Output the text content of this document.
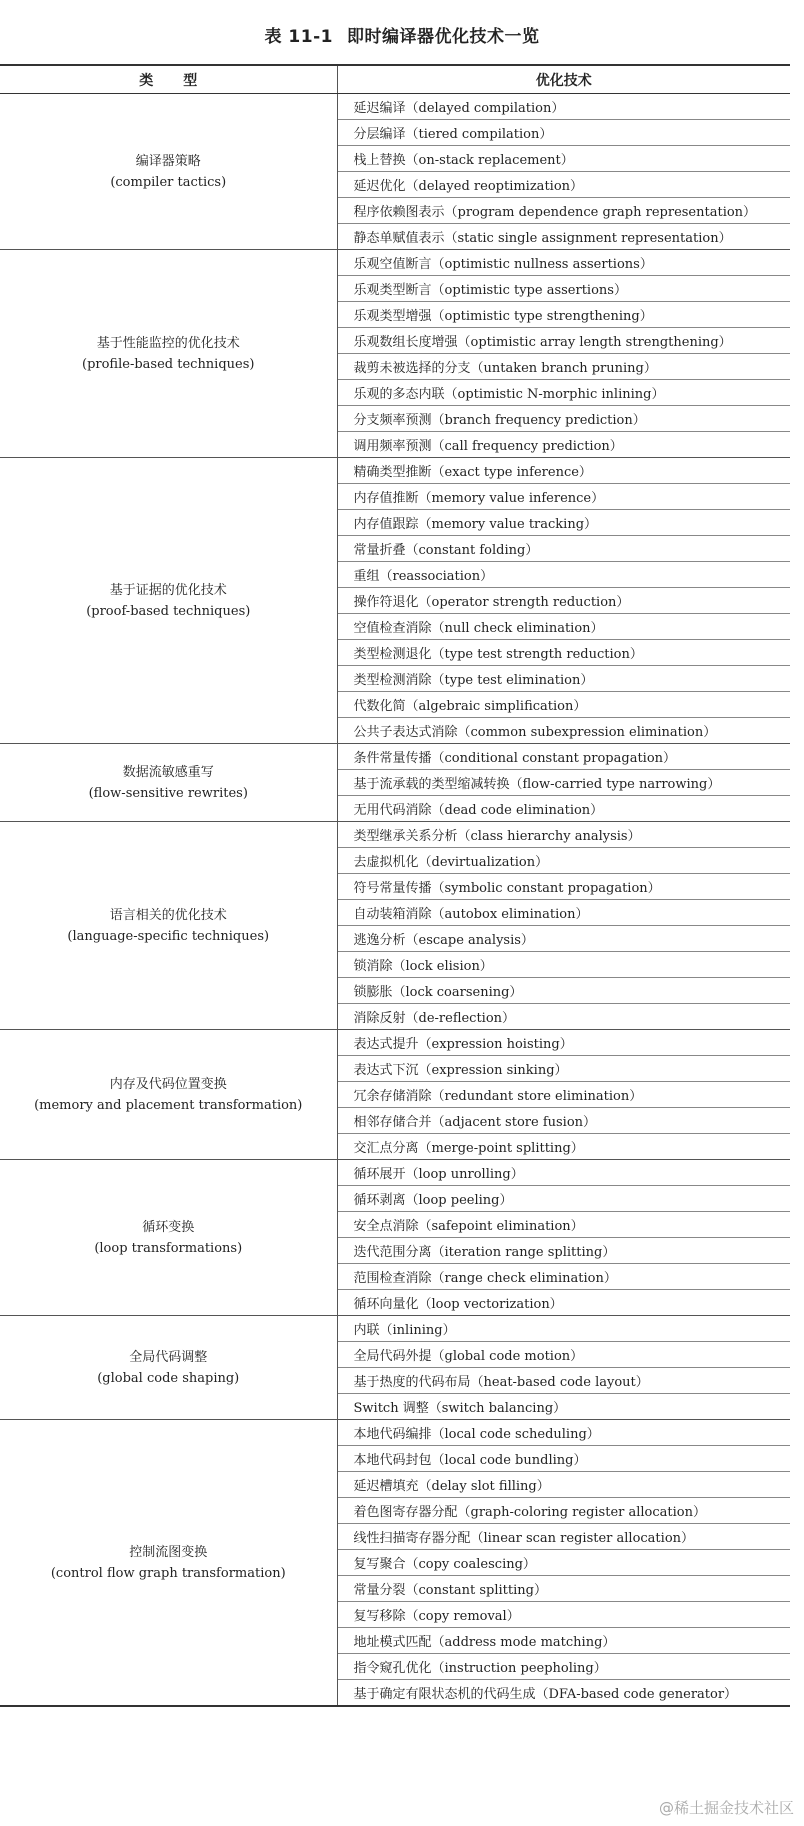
表 11-1 即时编译器优化技术一览
类型	优化技术

编译器策略
(compiler tactics)	延迟编译（delayed compilation）
	分层编译（tiered compilation）
	栈上替换（on-stack replacement）
	延迟优化（delayed reoptimization）
	程序依赖图表示（program dependence graph representation）
	静态单赋值表示（static single assignment representation）

基于性能监控的优化技术
(profile-based techniques)	乐观空值断言（optimistic nullness assertions）
	乐观类型断言（optimistic type assertions）
	乐观类型增强（optimistic type strengthening）
	乐观数组长度增强（optimistic array length strengthening）
	裁剪未被选择的分支（untaken branch pruning）
	乐观的多态内联（optimistic N-morphic inlining）
	分支频率预测（branch frequency prediction）
	调用频率预测（call frequency prediction）

基于证据的优化技术
(proof-based techniques)	精确类型推断（exact type inference）
	内存值推断（memory value inference）
	内存值跟踪（memory value tracking）
	常量折叠（constant folding）
	重组（reassociation）
	操作符退化（operator strength reduction）
	空值检查消除（null check elimination）
	类型检测退化（type test strength reduction）
	类型检测消除（type test elimination）
	代数化简（algebraic simplification）
	公共子表达式消除（common subexpression elimination）

数据流敏感重写
(flow-sensitive rewrites)	条件常量传播（conditional constant propagation）
	基于流承载的类型缩减转换（flow-carried type narrowing）
	无用代码消除（dead code elimination）

语言相关的优化技术
(language-specific techniques)	类型继承关系分析（class hierarchy analysis）
	去虚拟机化（devirtualization）
	符号常量传播（symbolic constant propagation）
	自动装箱消除（autobox elimination）
	逃逸分析（escape analysis）
	锁消除（lock elision）
	锁膨胀（lock coarsening）
	消除反射（de-reflection）

内存及代码位置变换
(memory and placement transformation)	表达式提升（expression hoisting）
	表达式下沉（expression sinking）
	冗余存储消除（redundant store elimination）
	相邻存储合并（adjacent store fusion）
	交汇点分离（merge-point splitting）

循环变换
(loop transformations)	循环展开（loop unrolling）
	循环剥离（loop peeling）
	安全点消除（safepoint elimination）
	迭代范围分离（iteration range splitting）
	范围检查消除（range check elimination）
	循环向量化（loop vectorization）

全局代码调整
(global code shaping)	内联（inlining）
	全局代码外提（global code motion）
	基于热度的代码布局（heat-based code layout）
	Switch 调整（switch balancing）

控制流图变换
(control flow graph transformation)	本地代码编排（local code scheduling）
	本地代码封包（local code bundling）
	延迟槽填充（delay slot filling）
	着色图寄存器分配（graph-coloring register allocation）
	线性扫描寄存器分配（linear scan register allocation）
	复写聚合（copy coalescing）
	常量分裂（constant splitting）
	复写移除（copy removal）
	地址模式匹配（address mode matching）
	指令窥孔优化（instruction peepholing）
	基于确定有限状态机的代码生成（DFA-based code generator）
@稀土掘金技术社区
